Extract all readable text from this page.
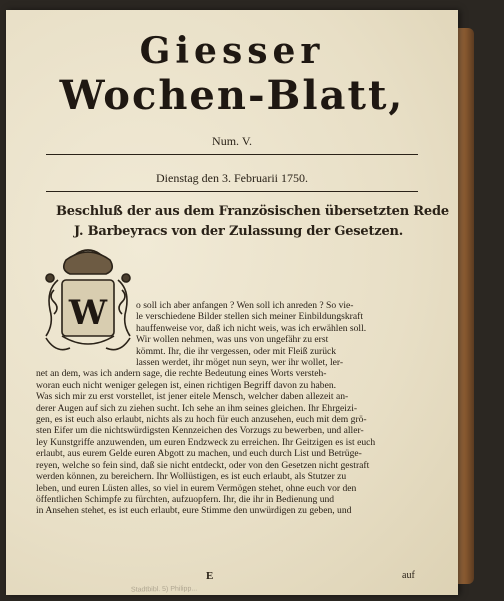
Giesser
Wochen-Blatt,
Num. V.
Dienstag den 3. Februarii 1750.
Beschluß der aus dem Französischen übersetzten Rede
J. Barbeyracs von der Zulassung der Gesetzen.
W	o soll ich aber anfangen ? Wen soll ich anreden ? So vie-
le verschiedene Bilder stellen sich meiner Einbildungskraft
hauffenweise vor, daß ich nicht weis, was ich erwählen soll.
Wir wollen nehmen, was uns von ungefähr zu erst
kömmt. Ihr, die ihr vergessen, oder mit Fleiß zurück
lassen werdet, ihr möget nun seyn, wer ihr wollet, ler-
net an dem, was ich andern sage, die rechte Bedeutung eines Worts versteh-
woran euch nicht weniger gelegen ist, einen richtigen Begriff davon zu haben.
Was sich mir zu erst vorstellet, ist jener eitele Mensch, welcher daben allezeit an-
derer Augen auf sich zu ziehen sucht. Ich sehe an ihm seines gleichen. Ihr Ehrgeizi-
gen, es ist euch also erlaubt, nichts als zu hoch für euch anzusehen, euch mit dem grö-
sten Eifer um die nichtswürdigsten Kennzeichen des Vorzugs zu bewerben, und aller-
ley Kunstgriffe anzuwenden, um euren Endzweck zu erreichen. Ihr Geitzigen es ist euch
erlaubt, aus eurem Gelde euren Abgott zu machen, und euch durch List und Betrüge-
reyen, welche so fein sind, daß sie nicht entdeckt, oder von den Gesetzen nicht gestraft
werden können, zu bereichern. Ihr Wollüstigen, es ist euch erlaubt, als Stutzer zu
leben, und euren Lüsten alles, so viel in eurem Vermögen stehet, ohne euch vor den
öffentlichen Schimpfe zu fürchten, aufzuopfern. Ihr, die ihr in Bedienung und
in Ansehen stehet, es ist euch erlaubt, eure Stimme den unwürdigen zu geben, und
E	auf
Stadtbibl. 5) Philipp...
